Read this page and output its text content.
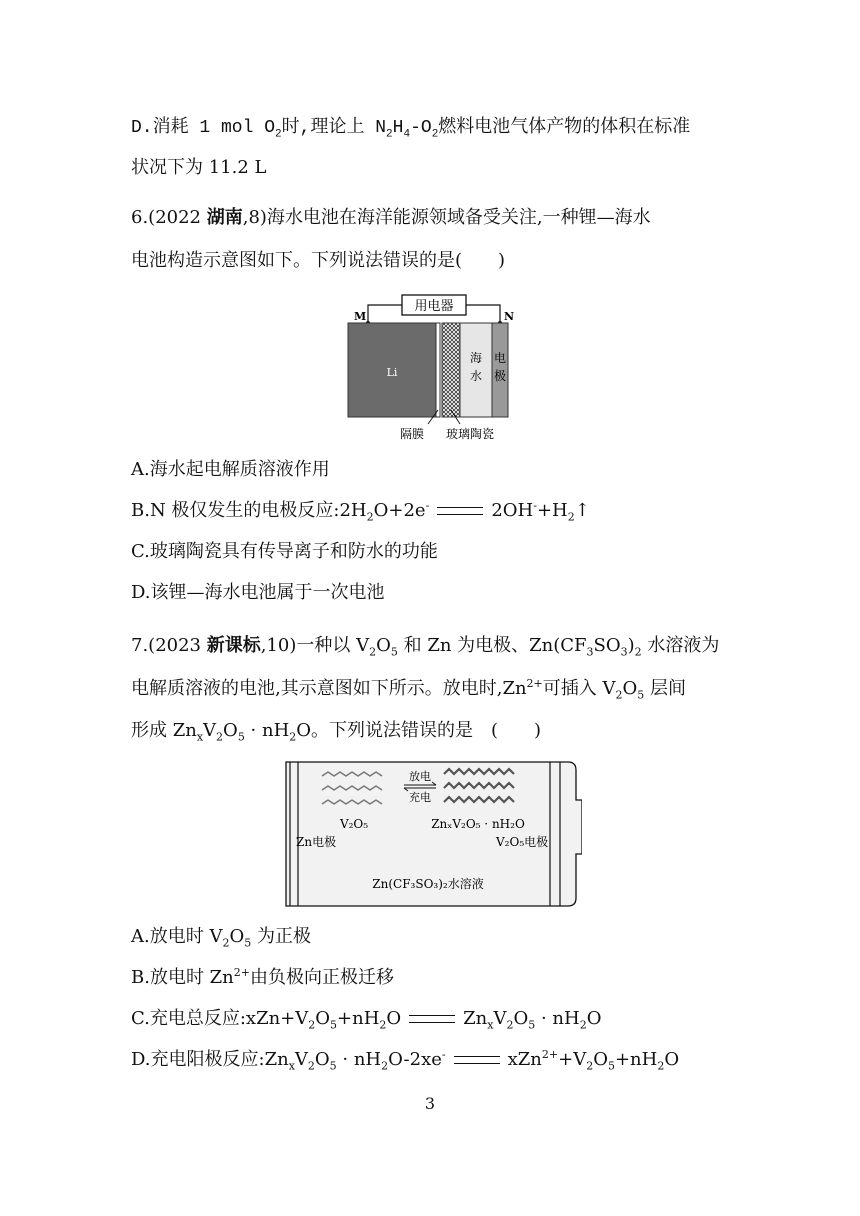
D.消耗 1 mol $O_2$时,理论上 $N_2H_4-O_2$燃料电池气体产物的体积在标准
状况下为 11.2 L
6.(2022 湖南,8)海水电池在海洋能源领域备受关注,一种锂—海水
电池构造示意图如下。下列说法错误的是(　　)
用电器
M	N
Li
海
水
电
极
隔膜 玻璃陶瓷
A.海水起电解质溶液作用
B.N 极仅发生的电极反应$:2H_2O+2e^-$	$2OH^-+H_2↑$
C.玻璃陶瓷具有传导离子和防水的功能
D.该锂—海水电池属于一次电池
7.(2023 新课标,10)一种以 $V_2O_5$ 和 Zn 为电极、$Zn(CF_3SO_3)_2$ 水溶液为
电解质溶液的电池,其示意图如下所示。放电时$,Zn^{2+}$可插入 $V_2O_5$ 层间
形成 $Zn_xV_2O_5 \cdot nH_2O$。下列说法错误的是　(　　)
放电
充电
V₂O₅	ZnₓV₂O₅ · nH₂O
Zn电极	V₂O₅电极
Zn(CF₃SO₃)₂水溶液
A.放电时 $V_2O_5$ 为正极
B.放电时 $Zn^{2+}$由负极向正极迁移
C.充电总反应$:xZn+V_2O_5+nH_2O$	$Zn_xV_2O_5 \cdot nH_2O$
D.充电阳极反应$:Zn_xV_2O_5 \cdot nH_2O-2xe^-$	$xZn^{2+}+V_2O_5+nH_2O$
3
